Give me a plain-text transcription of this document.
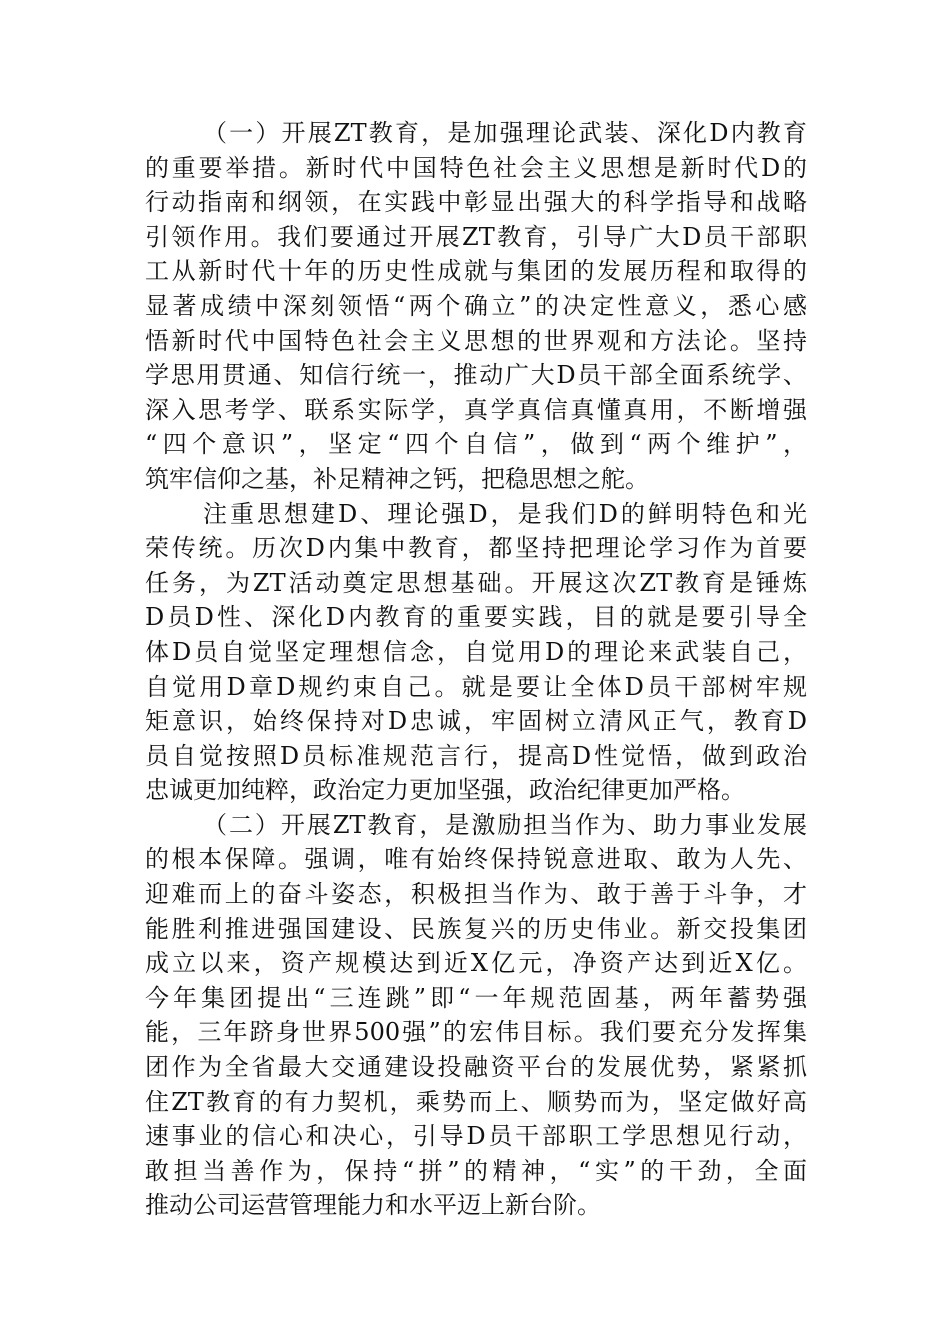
（一）开展ZT教育，是加强理论武装、深化D内教育
的重要举措。新时代中国特色社会主义思想是新时代D的
行动指南和纲领，在实践中彰显出强大的科学指导和战略
引领作用。我们要通过开展ZT教育，引导广大D员干部职
工从新时代十年的历史性成就与集团的发展历程和取得的
显著成绩中深刻领悟“两个确立”的决定性意义，悉心感
悟新时代中国特色社会主义思想的世界观和方法论。坚持
学思用贯通、知信行统一，推动广大D员干部全面系统学、
深入思考学、联系实际学，真学真信真懂真用，不断增强
“四个意识”，坚定“四个自信”，做到“两个维护”，
筑牢信仰之基，补足精神之钙，把稳思想之舵。
注重思想建D、理论强D，是我们D的鲜明特色和光
荣传统。历次D内集中教育，都坚持把理论学习作为首要
任务，为ZT活动奠定思想基础。开展这次ZT教育是锤炼
D员D性、深化D内教育的重要实践，目的就是要引导全
体D员自觉坚定理想信念，自觉用D的理论来武装自己，
自觉用D章D规约束自己。就是要让全体D员干部树牢规
矩意识，始终保持对D忠诚，牢固树立清风正气，教育D
员自觉按照D员标准规范言行，提高D性觉悟，做到政治
忠诚更加纯粹，政治定力更加坚强，政治纪律更加严格。
（二）开展ZT教育，是激励担当作为、助力事业发展
的根本保障。强调，唯有始终保持锐意进取、敢为人先、
迎难而上的奋斗姿态，积极担当作为、敢于善于斗争，才
能胜利推进强国建设、民族复兴的历史伟业。新交投集团
成立以来，资产规模达到近X亿元，净资产达到近X亿。
今年集团提出“三连跳”即“一年规范固基，两年蓄势强
能，三年跻身世界500强”的宏伟目标。我们要充分发挥集
团作为全省最大交通建设投融资平台的发展优势，紧紧抓
住ZT教育的有力契机，乘势而上、顺势而为，坚定做好高
速事业的信心和决心，引导D员干部职工学思想见行动，
敢担当善作为，保持“拼”的精神，“实”的干劲，全面
推动公司运营管理能力和水平迈上新台阶。
